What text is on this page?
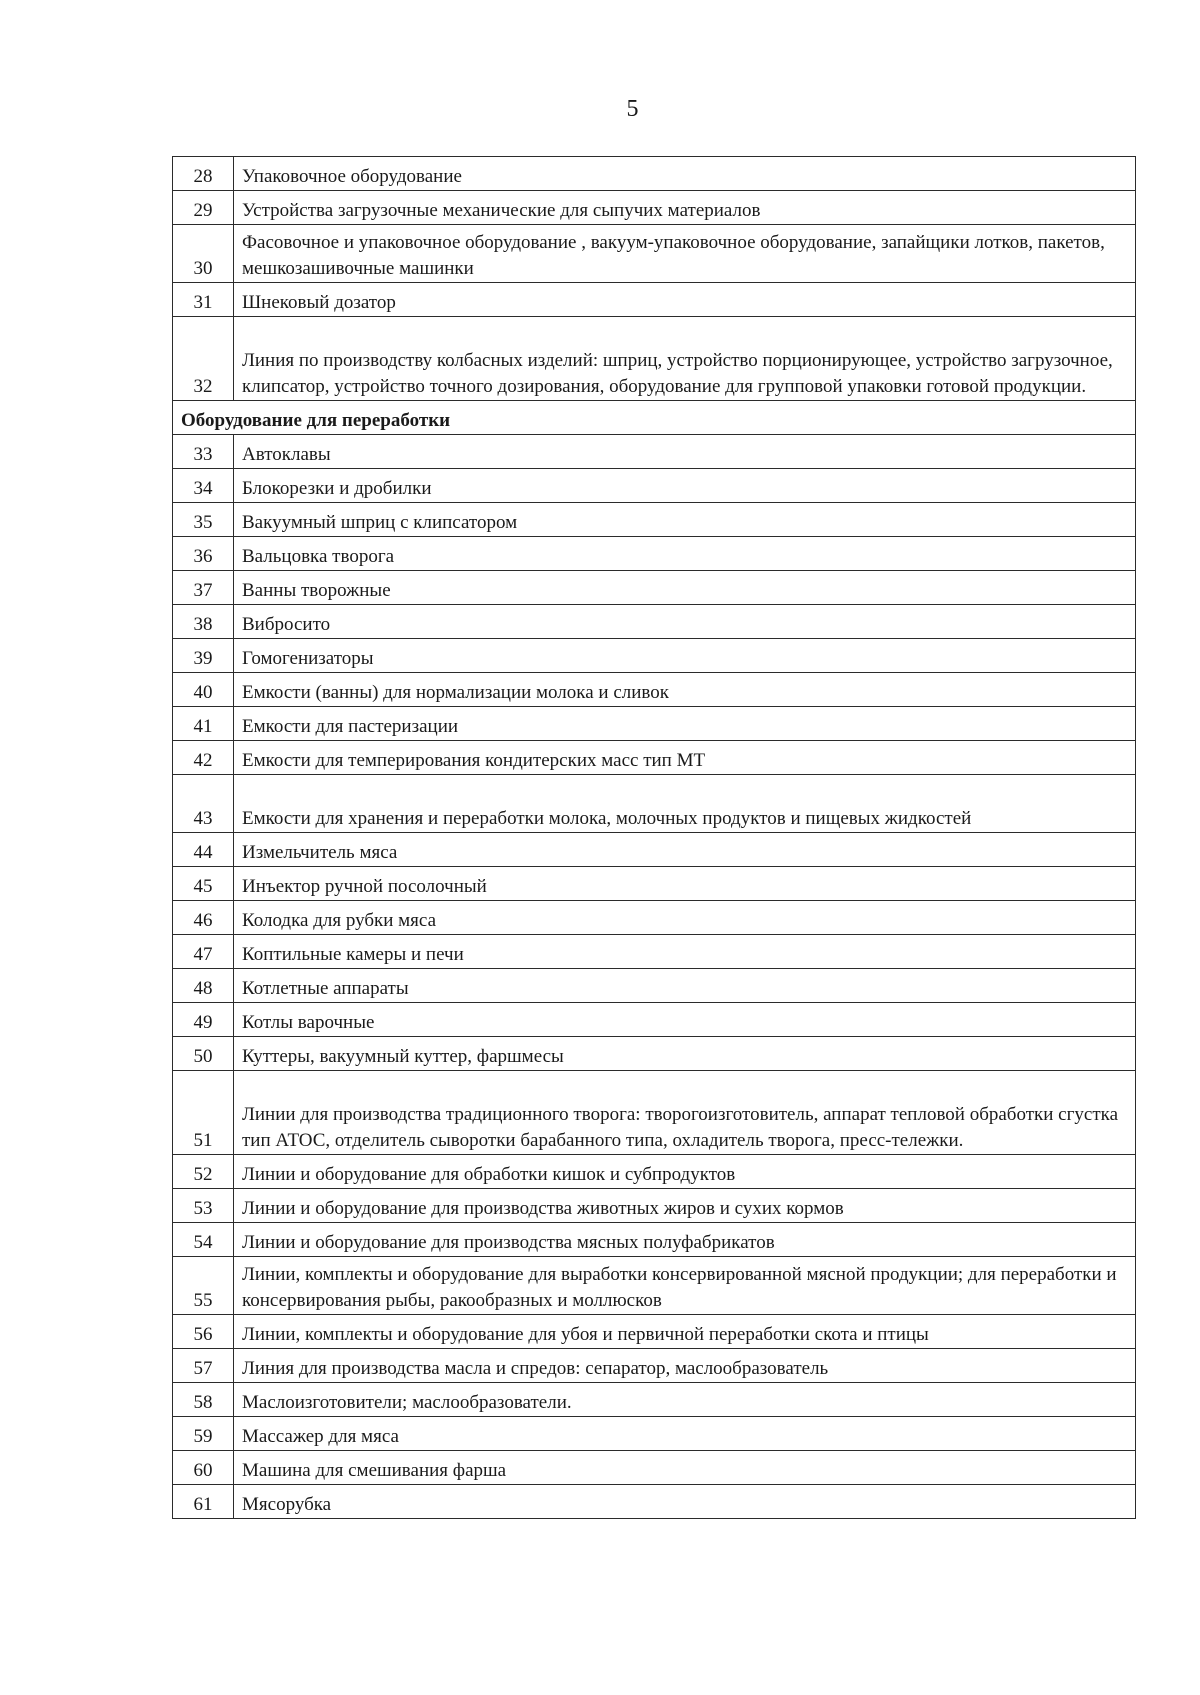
5
28	Упаковочное оборудование
29	Устройства загрузочные механические для сыпучих материалов
30	Фасовочное и упаковочное оборудование , вакуум-упаковочное оборудование, запайщики лотков, пакетов, мешкозашивочные машинки
31	Шнековый дозатор
32	Линия по производству колбасных изделий: шприц, устройство порционирующее, устройство загрузочное, клипсатор, устройство точного дозирования, оборудование для групповой упаковки готовой продукции.
Оборудование для переработки	
33	Автоклавы
34	Блокорезки и дробилки
35	Вакуумный шприц с клипсатором
36	Вальцовка творога
37	Ванны творожные
38	Вибросито
39	Гомогенизаторы
40	Емкости (ванны) для нормализации молока и сливок
41	Емкости для пастеризации
42	Емкости для темперирования кондитерских масс тип МТ
43	Емкости для хранения и переработки молока, молочных продуктов и пищевых жидкостей
44	Измельчитель мяса
45	Инъектор ручной посолочный
46	Колодка для рубки мяса
47	Коптильные камеры и печи
48	Котлетные аппараты
49	Котлы варочные
50	Куттеры, вакуумный куттер, фаршмесы
51	Линии для производства традиционного творога: творогоизготовитель, аппарат тепловой обработки сгустка тип АТОС, отделитель сыворотки барабанного типа, охладитель творога, пресс-тележки.
52	Линии и оборудование для обработки кишок и субпродуктов
53	Линии и оборудование для производства животных жиров и сухих кормов
54	Линии и оборудование для производства мясных полуфабрикатов
55	Линии, комплекты и оборудование для выработки консервированной мясной продукции; для переработки и консервирования рыбы, ракообразных и моллюсков
56	Линии, комплекты и оборудование для убоя и первичной переработки скота и птицы
57	Линия для производства масла и спредов: сепаратор, маслообразователь
58	Маслоизготовители; маслообразователи.
59	Массажер для мяса
60	Машина для смешивания фарша
61	Мясорубка
